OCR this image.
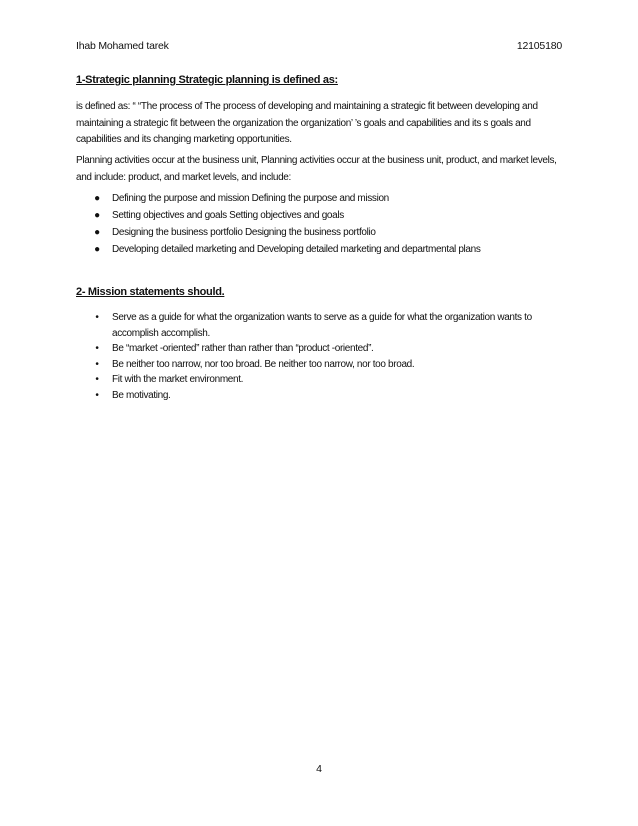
Ihab Mohamed tarek	12105180
1-Strategic planning Strategic planning is defined as:
is defined as: “ “The process of The process of developing and maintaining a strategic fit between developing and maintaining a strategic fit between the organization the organization’ ’s goals and capabilities and its s goals and capabilities and its changing marketing opportunities.
Planning activities occur at the business unit, Planning activities occur at the business unit, product, and market levels, and include: product, and market levels, and include:
●	Defining the purpose and mission Defining the purpose and mission
●	Setting objectives and goals Setting objectives and goals
●	Designing the business portfolio Designing the business portfolio
●	Developing detailed marketing and Developing detailed marketing and departmental plans
2- Mission statements should.
•	Serve as a guide for what the organization wants to serve as a guide for what the organization wants to accomplish accomplish.
•	Be “market -oriented” rather than rather than “product -oriented”.
•	Be neither too narrow, nor too broad. Be neither too narrow, nor too broad.
•	Fit with the market environment.
•	Be motivating.
4
